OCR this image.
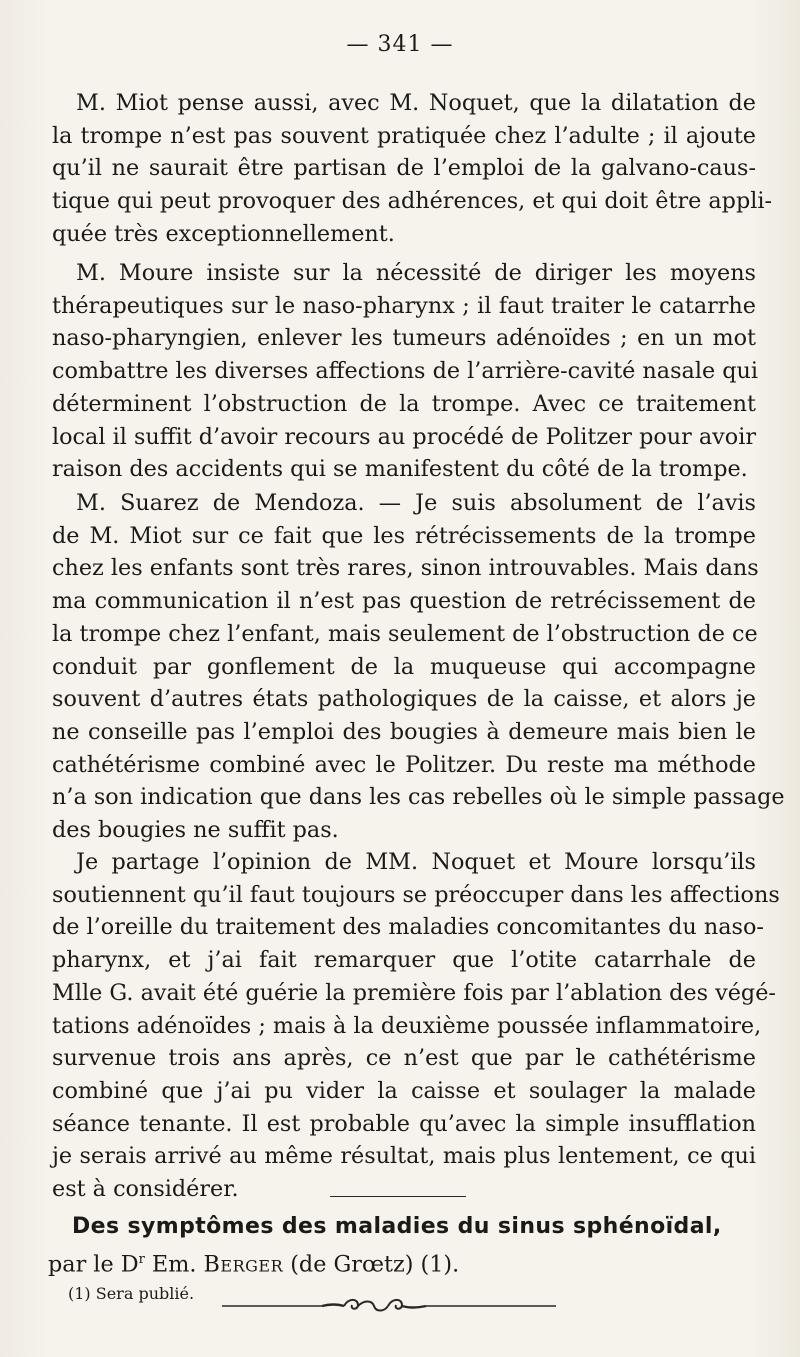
— 341 —
M. Miot pense aussi, avec M. Noquet, que la dilatation de
la trompe n’est pas souvent pratiquée chez l’adulte ; il ajoute
qu’il ne saurait être partisan de l’emploi de la galvano-caus-
tique qui peut provoquer des adhérences, et qui doit être appli-
quée très exceptionnellement.
M. Moure insiste sur la nécessité de diriger les moyens
thérapeutiques sur le naso-pharynx ; il faut traiter le catarrhe
naso-pharyngien, enlever les tumeurs adénoïdes ; en un mot
combattre les diverses affections de l’arrière-cavité nasale qui
déterminent l’obstruction de la trompe. Avec ce traitement
local il suffit d’avoir recours au procédé de Politzer pour avoir
raison des accidents qui se manifestent du côté de la trompe.
M. Suarez de Mendoza. — Je suis absolument de l’avis
de M. Miot sur ce fait que les rétrécissements de la trompe
chez les enfants sont très rares, sinon introuvables. Mais dans
ma communication il n’est pas question de retrécissement de
la trompe chez l’enfant, mais seulement de l’obstruction de ce
conduit par gonflement de la muqueuse qui accompagne
souvent d’autres états pathologiques de la caisse, et alors je
ne conseille pas l’emploi des bougies à demeure mais bien le
cathétérisme combiné avec le Politzer. Du reste ma méthode
n’a son indication que dans les cas rebelles où le simple passage
des bougies ne suffit pas.
Je partage l’opinion de MM. Noquet et Moure lorsqu’ils
soutiennent qu’il faut toujours se préoccuper dans les affections
de l’oreille du traitement des maladies concomitantes du naso-
pharynx, et j’ai fait remarquer que l’otite catarrhale de
Mlle G. avait été guérie la première fois par l’ablation des végé-
tations adénoïdes ; mais à la deuxième poussée inflammatoire,
survenue trois ans après, ce n’est que par le cathétérisme
combiné que j’ai pu vider la caisse et soulager la malade
séance tenante. Il est probable qu’avec la simple insufflation
je serais arrivé au même résultat, mais plus lentement, ce qui
est à considérer.
Des symptômes des maladies du sinus sphénoïdal,
par le $D^r$ Em. Berger (de Grœtz) (1).
(1) Sera publié.
